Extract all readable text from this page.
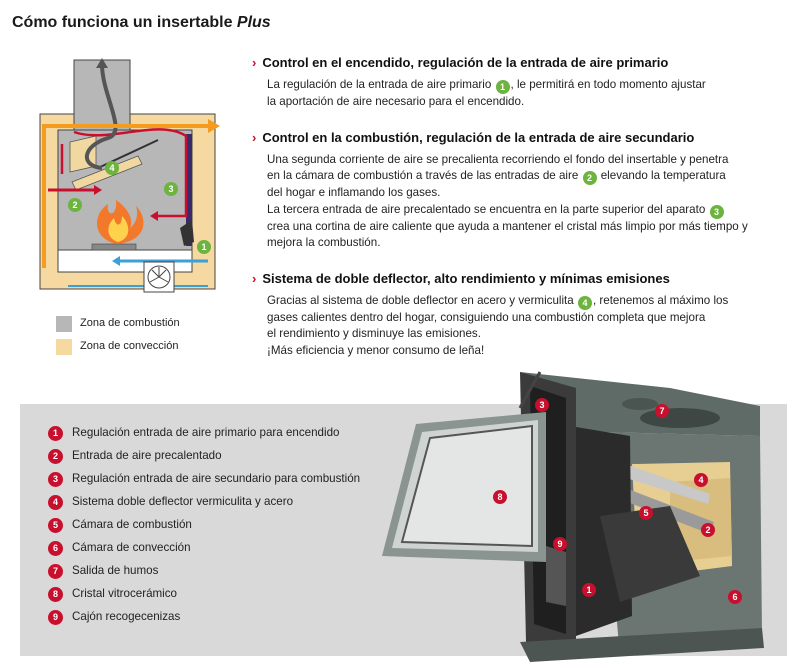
Cómo funciona un insertable Plus
1
2
3
4
Zona de combustión
Zona de convección
› Control en el encendido, regulación de la entrada de aire primario
La regulación de la entrada de aire primario 1 , le permitirá en todo momento ajustar
la aportación de aire necesario para el encendido.
› Control en la combustión, regulación de la entrada de aire secundario
Una segunda corriente de aire se precalienta recorriendo el fondo del insertable y penetra
en la cámara de combustión a través de las entradas de aire 2 elevando la temperatura
del hogar e inflamando los gases.
La tercera entrada de aire precalentado se encuentra en la parte superior del aparato 3
crea una cortina de aire caliente que ayuda a mantener el cristal más limpio por más tiempo y
mejora la combustión.
› Sistema de doble deflector, alto rendimiento y mínimas emisiones
Gracias al sistema de doble deflector en acero y vermiculita 4 , retenemos al máximo los
gases calientes dentro del hogar, consiguiendo una combustión completa que mejora
el rendimiento y disminuye las emisiones.
¡Más eficiencia y menor consumo de leña!
1	Regulación entrada de aire primario para encendido
2	Entrada de aire precalentado
3	Regulación entrada de aire secundario para combustión
4	Sistema doble deflector vermiculita y acero
5	Cámara de combustión
6	Cámara de convección
7	Salida de humos
8	Cristal vitrocerámico
9	Cajón recogecenizas
1
2
3
4
5
6
7
8
9
